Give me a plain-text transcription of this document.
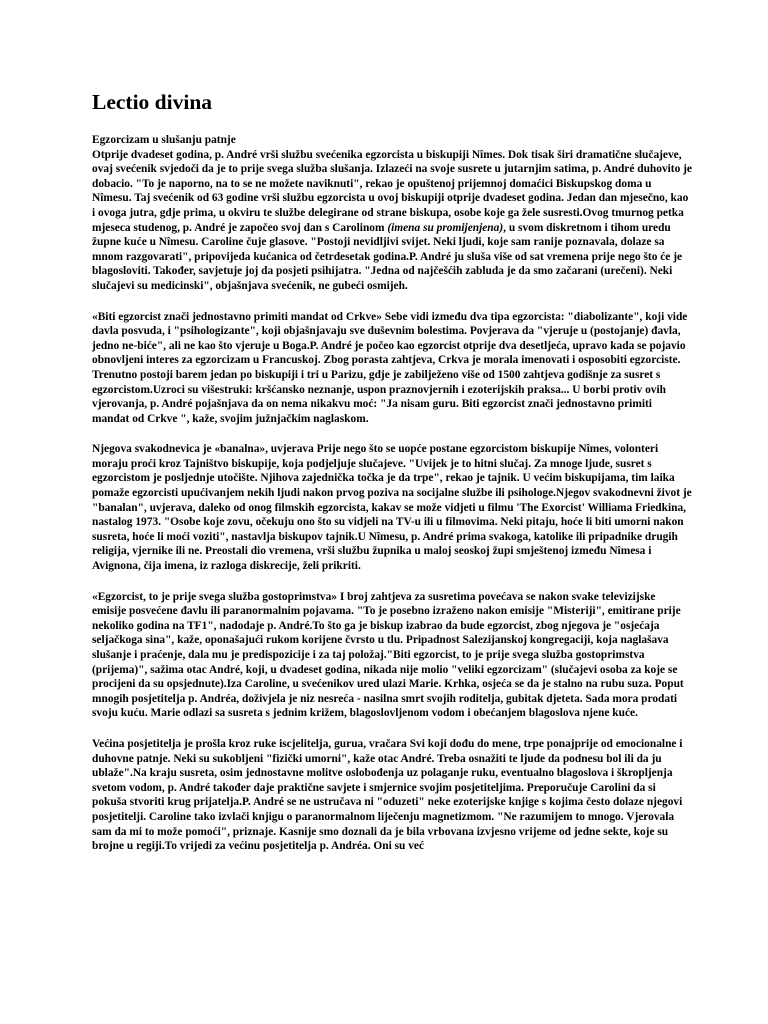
Lectio divina
Egzorcizam u slušanju patnje

Otprije dvadeset godina, p. André vrši službu svećenika egzorcista u biskupiji Nîmes. Dok tisak širi dramatične slučajeve, ovaj svećenik svjedoči da je to prije svega služba slušanja. Izlazeći na svoje susrete u jutarnjim satima, p. André duhovito je dobacio. "To je naporno, na to se ne možete naviknuti", rekao je opuštenoj prijemnoj domaćici Biskupskog doma u Nîmesu. Taj svećenik od 63 godine vrši službu egzorcista u ovoj biskupiji otprije dvadeset godina. Jedan dan mjesečno, kao i ovoga jutra, gdje prima, u okviru te službe delegirane od strane biskupa, osobe koje ga žele susresti.Ovog tmurnog petka mjeseca studenog, p. André je započeo svoj dan s Carolinom (imena su promijenjena), u svom diskretnom i tihom uredu župne kuće u Nîmesu. Caroline čuje glasove. "Postoji nevidljivi svijet. Neki ljudi, koje sam ranije poznavala, dolaze sa mnom razgovarati", pripovijeda kućanica od četrdesetak godina.P. André ju sluša više od sat vremena prije nego što će je blagosloviti. Također, savjetuje joj da posjeti psihijatra. "Jedna od najčešćih zabluda je da smo začarani (urečeni). Neki slučajevi su medicinski", objašnjava svećenik, ne gubeći osmijeh.

«Biti egzorcist znači jednostavno primiti mandat od Crkve» Sebe vidi između dva tipa egzorcista: "diabolizante", koji vide davla posvuda, i "psihologizante", koji objašnjavaju sve duševnim bolestima. Povjerava da "vjeruje u (postojanje) đavla, jedno ne-biće", ali ne kao što vjeruje u Boga.P. André je počeo kao egzorcist otprije dva desetljeća, upravo kada se pojavio obnovljeni interes za egzorcizam u Francuskoj. Zbog porasta zahtjeva, Crkva je morala imenovati i osposobiti egzorciste. Trenutno postoji barem jedan po biskupiji i tri u Parizu, gdje je zabilježeno više od 1500 zahtjeva godišnje za susret s egzorcistom.Uzroci su višestruki: kršćansko neznanje, uspon praznovjernih i ezoterijskih praksa... U borbi protiv ovih vjerovanja, p. André pojašnjava da on nema nikakvu moć: "Ja nisam guru. Biti egzorcist znači jednostavno primiti mandat od Crkve ", kaže, svojim južnjačkim naglaskom.

Njegova svakodnevica je «banalna», uvjerava Prije nego što se uopće postane egzorcistom biskupije Nîmes, volonteri moraju proći kroz Tajništvo biskupije, koja podjeljuje slučajeve. "Uvijek je to hitni slučaj. Za mnoge ljude, susret s egzorcistom je posljednje utočište. Njihova zajednička točka je da trpe", rekao je tajnik. U većim biskupijama, tim laika pomaže egzorcisti upućivanjem nekih ljudi nakon prvog poziva na socijalne službe ili psihologe.Njegov svakodnevni život je "banalan", uvjerava, daleko od onog filmskih egzorcista, kakav se može vidjeti u filmu 'The Exorcist' Williama Friedkina, nastalog 1973. "Osobe koje zovu, očekuju ono što su vidjeli na TV-u ili u filmovima. Neki pitaju, hoće li biti umorni nakon susreta, hoće li moći voziti", nastavlja biskupov tajnik.U Nîmesu, p. André prima svakoga, katolike ili pripadnike drugih religija, vjernike ili ne. Preostali dio vremena, vrši službu župnika u maloj seoskoj župi smještenoj između Nîmesa i Avignona, čija imena, iz razloga diskrecije, želi prikriti.

«Egzorcist, to je prije svega služba gostoprimstva» I broj zahtjeva za susretima povećava se nakon svake televizijske emisije posvećene đavlu ili paranormalnim pojavama. "To je posebno izraženo nakon emisije "Misteriji", emitirane prije nekoliko godina na TF1", nadodaje p. André.To što ga je biskup izabrao da bude egzorcist, zbog njegova je "osjećaja seljačkoga sina", kaže, oponašajući rukom korijene čvrsto u tlu. Pripadnost Salezijanskoj kongregaciji, koja naglašava slušanje i praćenje, dala mu je predispozicije i za taj položaj."Biti egzorcist, to je prije svega služba gostoprimstva (prijema)", sažima otac André, koji, u dvadeset godina, nikada nije molio "veliki egzorcizam" (slučajevi osoba za koje se procijeni da su opsjednute).Iza Caroline, u svećenikov ured ulazi Marie. Krhka, osjeća se da je stalno na rubu suza. Poput mnogih posjetitelja p. Andréa, doživjela je niz nesreća - nasilna smrt svojih roditelja, gubitak djeteta. Sada mora prodati svoju kuću. Marie odlazi sa susreta s jednim križem, blagoslovljenom vodom i obećanjem blagoslova njene kuće.

Većina posjetitelja je prošla kroz ruke iscjelitelja, gurua, vračara Svi koji dođu do mene, trpe ponajprije od emocionalne i duhovne patnje. Neki su sukobljeni "fizički umorni", kaže otac André. Treba osnažiti te ljude da podnesu bol ili da ju ublaže".Na kraju susreta, osim jednostavne molitve oslobođenja uz polaganje ruku, eventualno blagoslova i škropljenja svetom vodom, p. André također daje praktične savjete i smjernice svojim posjetiteljima. Preporučuje Carolini da si pokuša stvoriti krug prijatelja.P. André se ne ustručava ni "oduzeti" neke ezoterijske knjige s kojima često dolaze njegovi posjetitelji. Caroline tako izvlači knjigu o paranormalnom liječenju magnetizmom. "Ne razumijem to mnogo. Vjerovala sam da mi to može pomoći", priznaje. Kasnije smo doznali da je bila vrbovana izvjesno vrijeme od jedne sekte, koje su brojne u regiji.To vrijedi za većinu posjetitelja p. Andréa. Oni su već
